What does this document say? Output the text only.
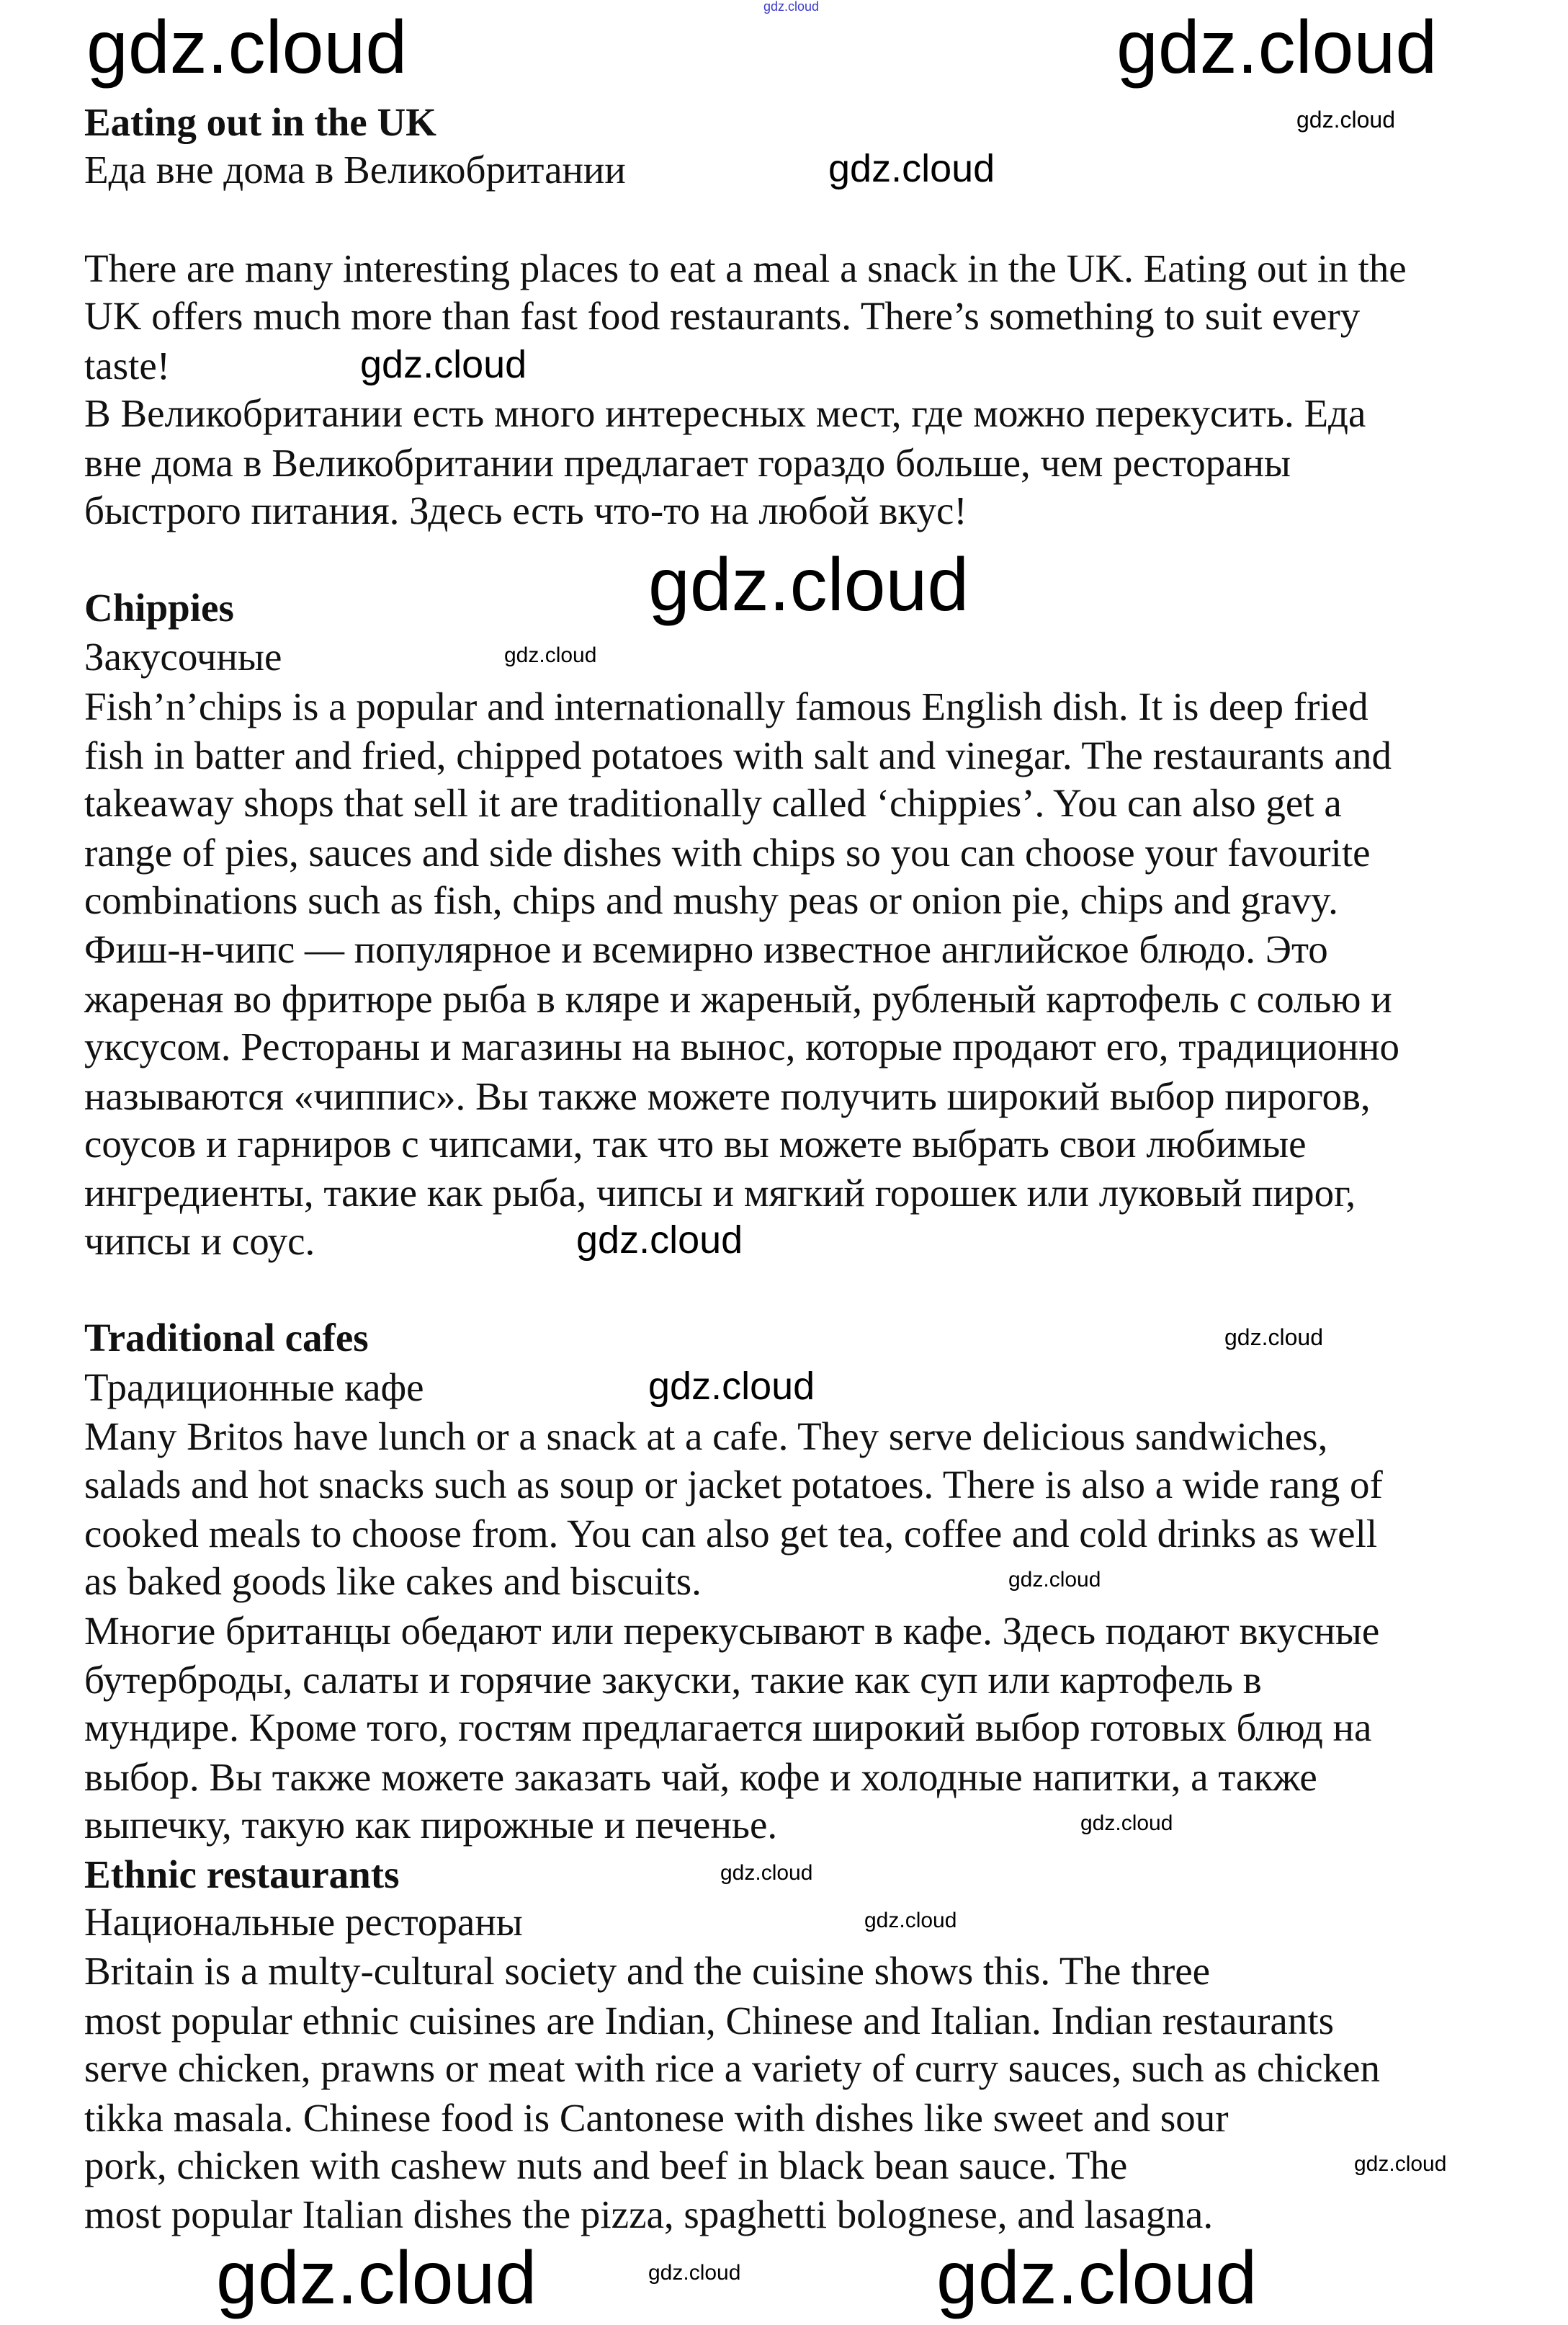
Eating out in the UK
Еда вне дома в Великобритании
There are many interesting places to eat a meal a snack in the UK. Eating out in the
UK offers much more than fast food restaurants. There’s something to suit every
taste!
В Великобритании есть много интересных мест, где можно перекусить. Еда
вне дома в Великобритании предлагает гораздо больше, чем рестораны
быстрого питания. Здесь есть что-то на любой вкус!
Chippies
Закусочные
Fish’n’chips is a popular and internationally famous English dish. It is deep fried
fish in batter and fried, chipped potatoes with salt and vinegar. The restaurants and
takeaway shops that sell it are traditionally called ‘chippies’. You can also get a
range of pies, sauces and side dishes with chips so you can choose your favourite
combinations such as fish, chips and mushy peas or onion pie, chips and gravy.
Фиш-н-чипс — популярное и всемирно известное английское блюдо. Это
жареная во фритюре рыба в кляре и жареный, рубленый картофель с солью и
уксусом. Рестораны и магазины на вынос, которые продают его, традиционно
называются «чиппис». Вы также можете получить широкий выбор пирогов,
соусов и гарниров с чипсами, так что вы можете выбрать свои любимые
ингредиенты, такие как рыба, чипсы и мягкий горошек или луковый пирог,
чипсы и соус.
Traditional cafes
Традиционные кафе
Many Britos have lunch or a snack at a cafe. They serve delicious sandwiches,
salads and hot snacks such as soup or jacket potatoes. There is also a wide rang of
cooked meals to choose from. You can also get tea, coffee and cold drinks as well
as baked goods like cakes and biscuits.
Многие британцы обедают или перекусывают в кафе. Здесь подают вкусные
бутерброды, салаты и горячие закуски, такие как суп или картофель в
мундире. Кроме того, гостям предлагается широкий выбор готовых блюд на
выбор. Вы также можете заказать чай, кофе и холодные напитки, а также
выпечку, такую как пирожные и печенье.
Ethnic restaurants
Национальные рестораны
Britain is a multy-cultural society and the cuisine shows this. The three
most popular ethnic cuisines are Indian, Chinese and Italian. Indian restaurants
serve chicken, prawns or meat with rice a variety of curry sauces, such as chicken
tikka masala. Chinese food is Cantonese with dishes like sweet and sour
pork, chicken with cashew nuts and beef in black bean sauce. The
most popular Italian dishes the pizza, spaghetti bolognese, and lasagna.
gdz.cloud
gdz.cloud	gdz.cloud
gdz.cloud
gdz.cloud
gdz.cloud
gdz.cloud
gdz.cloud
gdz.cloud
gdz.cloud
gdz.cloud
gdz.cloud
gdz.cloud
gdz.cloud
gdz.cloud
gdz.cloud
gdz.cloud	gdz.cloud
gdz.cloud
